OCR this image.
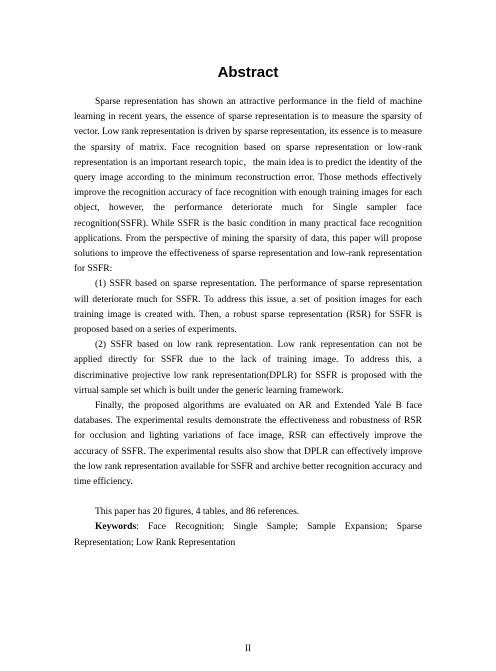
Abstract

Sparse representation has shown an attractive performance in the field of machine learning in recent years, the essence of sparse representation is to measure the sparsity of vector. Low rank representation is driven by sparse representation, its essence is to measure the sparsity of matrix. Face recognition based on sparse representation or low-rank representation is an important research topic，the main idea is to predict the identity of the query image according to the minimum reconstruction error. Those methods effectively improve the recognition accuracy of face recognition with enough training images for each object, however, the performance deteriorate much for Single sampler face recognition(SSFR). While SSFR is the basic condition in many practical face recognition applications. From the perspective of mining the sparsity of data, this paper will propose solutions to improve the effectiveness of sparse representation and low-rank representation for SSFR:

(1) SSFR based on sparse representation. The performance of sparse representation will deteriorate much for SSFR. To address this issue, a set of position images for each training image is created with. Then, a robust sparse representation (RSR) for SSFR is proposed based on a series of experiments.

(2) SSFR based on low rank representation. Low rank representation can not be applied directly for SSFR due to the lack of training image. To address this, a discriminative projective low rank representation(DPLR) for SSFR is proposed with the virtual sample set which is built under the generic learning framework.

Finally, the proposed algorithms are evaluated on AR and Extended Yale B face databases. The experimental results demonstrate the effectiveness and robustness of RSR for occlusion and lighting variations of face image, RSR can effectively improve the accuracy of SSFR. The experimental results also show that DPLR can effectively improve the low rank representation available for SSFR and archive better recognition accuracy and time efficiency.

This paper has 20 figures, 4 tables, and 86 references.

Keywords: Face Recognition; Single Sample; Sample Expansion; Sparse Representation; Low Rank Representation

II
